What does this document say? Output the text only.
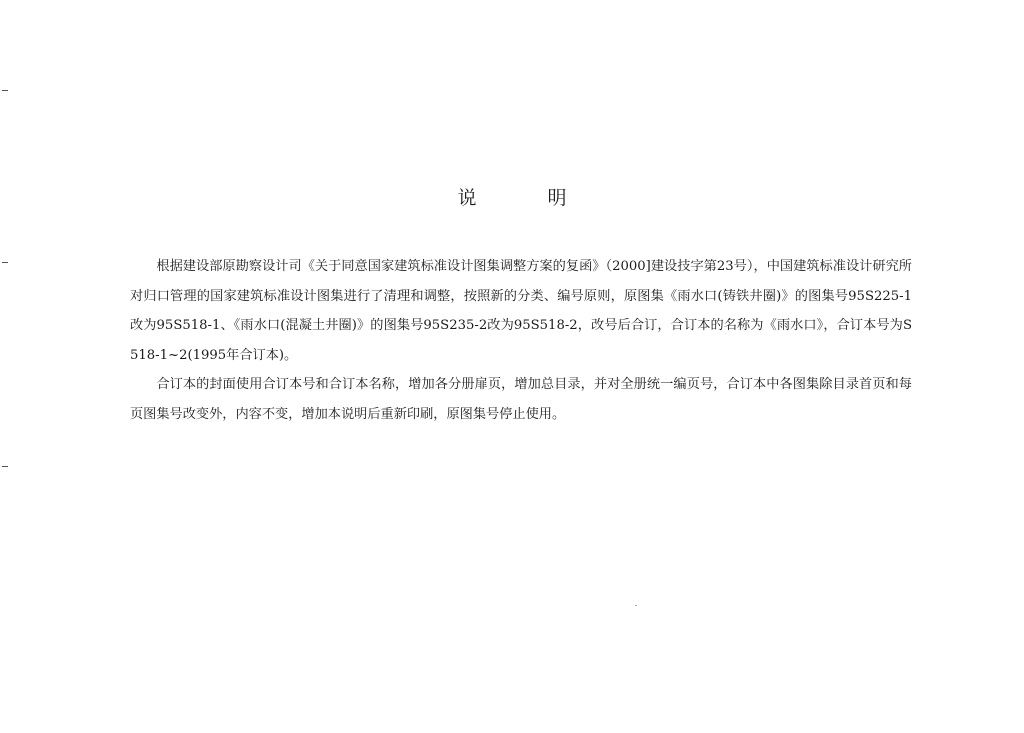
说　明

根据建设部原勘察设计司《关于同意国家建筑标准设计图集调整方案的复函》（2000]建设技字第23号），中国建筑标准设计研究所对归口管理的国家建筑标准设计图集进行了清理和调整，按照新的分类、编号原则，原图集《雨水口(铸铁井圈)》的图集号95S225-1改为95S518-1、《雨水口(混凝土井圈)》的图集号95S235-2改为95S518-2，改号后合订，合订本的名称为《雨水口》，合订本号为S518-1~2(1995年合订本)。

合订本的封面使用合订本号和合订本名称，增加各分册扉页，增加总目录，并对全册统一编页号，合订本中各图集除目录首页和每页图集号改变外，内容不变，增加本说明后重新印刷，原图集号停止使用。
